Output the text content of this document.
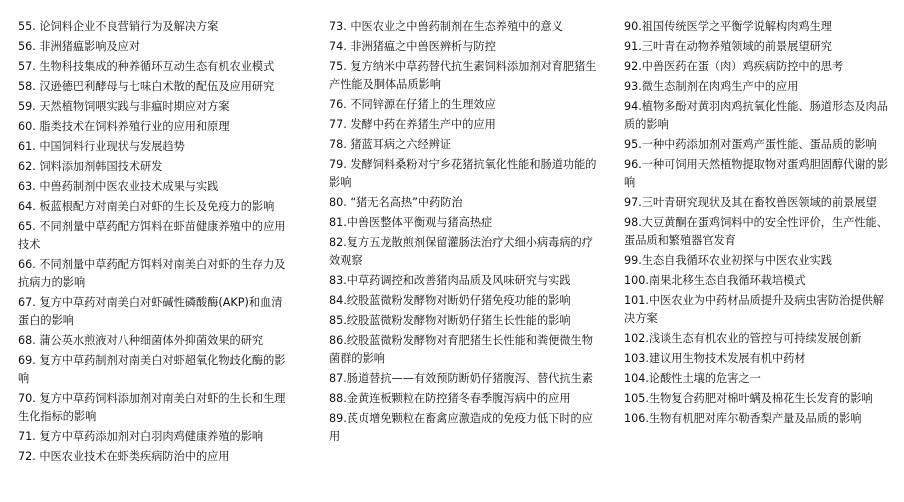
55. 论饲料企业不良营销行为及解决方案

56. 非洲猪瘟影响及应对

57. 生物科技集成的种养循环互动生态有机农业模式

58. 汉逊德巴利酵母与七味白术散的配伍及应用研究

59. 天然植物饲喂实践与非瘟时期应对方案

60. 脂类技术在饲料养殖行业的应用和原理

61. 中国饲料行业现状与发展趋势

62. 饲料添加剂韩国技术研发

63. 中兽药制剂中医农业技术成果与实践

64. 板蓝根配方对南美白对虾的生长及免疫力的影响

65. 不同剂量中草药配方饵料在虾苗健康养殖中的应用技术

66. 不同剂量中草药配方饵料对南美白对虾的生存力及抗病力的影响

67. 复方中草药对南美白对虾碱性磷酸酶(AKP)和血清蛋白的影响

68. 蒲公英水煎液对八种细菌体外抑菌效果的研究

69. 复方中草药制剂对南美白对虾超氧化物歧化酶的影响

70. 复方中草药饲料添加剂对南美白对虾的生长和生理生化指标的影响

71. 复方中草药添加剂对白羽肉鸡健康养殖的影响

72. 中医农业技术在虾类疾病防治中的应用

73. 中医农业之中兽药制剂在生态养殖中的意义

74. 非洲猪瘟之中兽医辨析与防控

75. 复方纳米中草药替代抗生素饲料添加剂对育肥猪生产性能及胴体品质影响

76. 不同锌源在仔猪上的生理效应

77. 发酵中药在养猪生产中的应用

78. 猪蓝耳病之六经辨证

79. 发酵饲料桑粉对宁乡花猪抗氧化性能和肠道功能的影响

80. “猪无名高热”中药防治

81.中兽医整体平衡观与猪高热症

82.复方五龙散煎剂保留灌肠法治疗犬细小病毒病的疗效观察

83.中草药调控和改善猪肉品质及风味研究与实践

84.绞股蓝微粉发酵物对断奶仔猪免疫功能的影响

85.绞股蓝微粉发酵物对断奶仔猪生长性能的影响

86.绞股蓝微粉发酵物对育肥猪生长性能和粪便微生物菌群的影响

87.肠道替抗——有效预防断奶仔猪腹泻、替代抗生素

88.金黄连板颗粒在防控猪冬春季腹泻病中的应用

89.芪贞增免颗粒在畜禽应激造成的免疫力低下时的应用

90.祖国传统医学之平衡学说解构肉鸡生理

91.三叶青在动物养殖领域的前景展望研究

92.中兽医药在蛋（肉）鸡疾病防控中的思考

93.微生态制剂在肉鸡生产中的应用

94.植物多酚对黄羽肉鸡抗氧化性能、肠道形态及肉品质的影响

95.一种中药添加剂对蛋鸡产蛋性能、蛋品质的影响

96.一种可饲用天然植物提取物对蛋鸡胆固醇代谢的影响

97.三叶青研究现状及其在畜牧兽医领域的前景展望

98.大豆黄酮在蛋鸡饲料中的安全性评价，生产性能、蛋品质和繁殖器官发育

99.生态自我循环农业初探与中医农业实践

100.南果北移生态自我循环栽培模式

101.中医农业为中药材品质提升及病虫害防治提供解决方案

102.浅谈生态有机农业的管控与可持续发展创新

103.建议用生物技术发展有机中药材

104.论酸性土壤的危害之一

105.生物复合药肥对棉叶螨及棉花生长发育的影响

106.生物有机肥对库尔勒香梨产量及品质的影响
